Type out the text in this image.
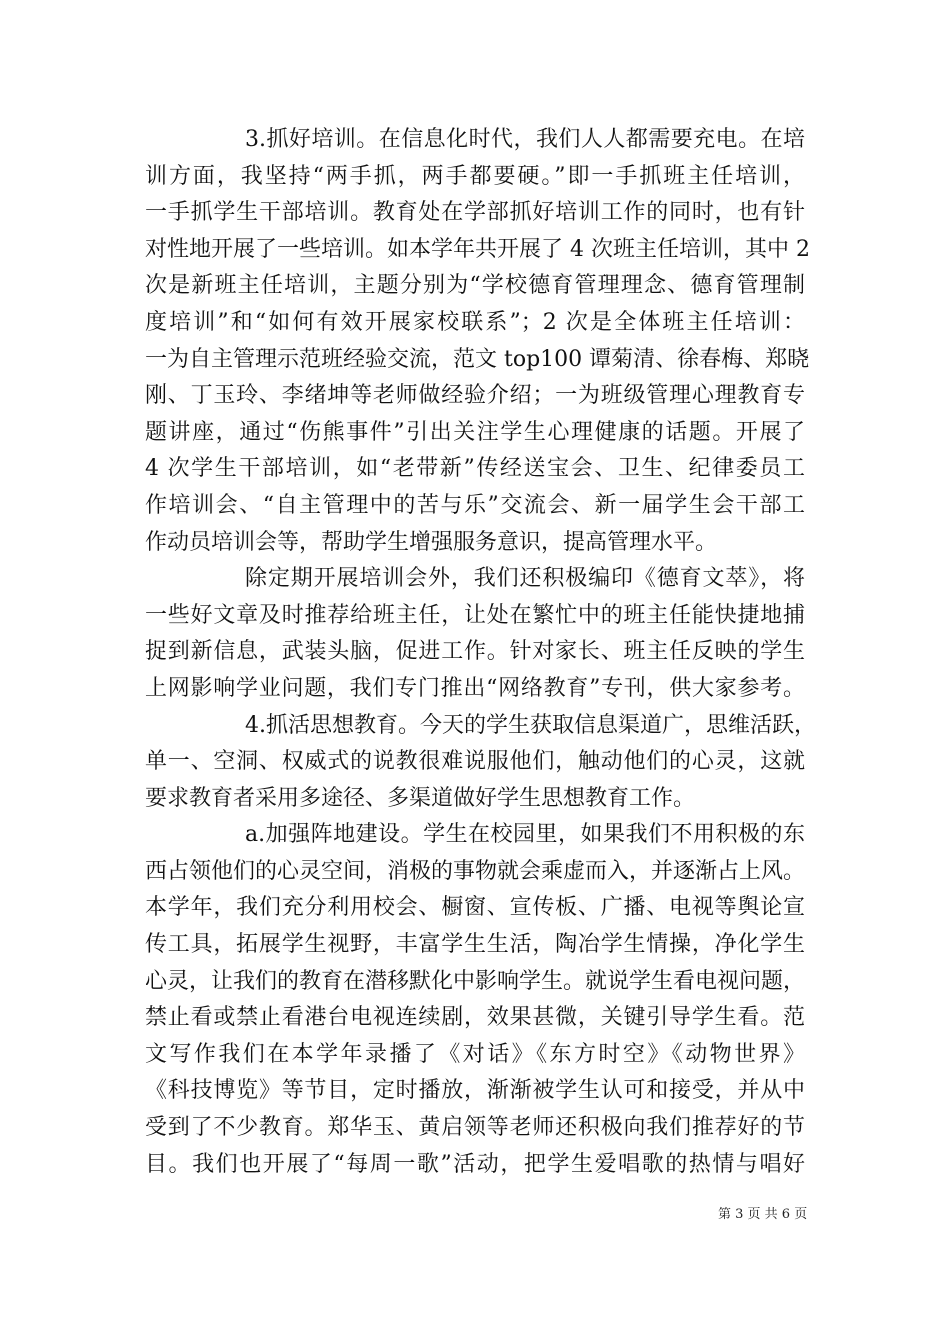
3.抓好培训。在信息化时代，我们人人都需要充电。在培
训方面，我坚持“两手抓，两手都要硬。”即一手抓班主任培训，
一手抓学生干部培训。教育处在学部抓好培训工作的同时，也有针
对性地开展了一些培训。如本学年共开展了 4 次班主任培训，其中 2
次是新班主任培训，主题分别为“学校德育管理理念、德育管理制
度培训”和“如何有效开展家校联系”；2 次是全体班主任培训：
一为自主管理示范班经验交流，范文 top100 谭菊清、徐春梅、郑晓
刚、丁玉玲、李绪坤等老师做经验介绍；一为班级管理心理教育专
题讲座，通过“伤熊事件”引出关注学生心理健康的话题。开展了
4 次学生干部培训，如“老带新”传经送宝会、卫生、纪律委员工
作培训会、“自主管理中的苦与乐”交流会、新一届学生会干部工
作动员培训会等，帮助学生增强服务意识，提高管理水平。
除定期开展培训会外，我们还积极编印《德育文萃》，将
一些好文章及时推荐给班主任，让处在繁忙中的班主任能快捷地捕
捉到新信息，武装头脑，促进工作。针对家长、班主任反映的学生
上网影响学业问题，我们专门推出“网络教育”专刊，供大家参考。
4.抓活思想教育。今天的学生获取信息渠道广，思维活跃，
单一、空洞、权威式的说教很难说服他们，触动他们的心灵，这就
要求教育者采用多途径、多渠道做好学生思想教育工作。
a.加强阵地建设。学生在校园里，如果我们不用积极的东
西占领他们的心灵空间，消极的事物就会乘虚而入，并逐渐占上风。
本学年，我们充分利用校会、橱窗、宣传板、广播、电视等舆论宣
传工具，拓展学生视野，丰富学生生活，陶冶学生情操，净化学生
心灵，让我们的教育在潜移默化中影响学生。就说学生看电视问题，
禁止看或禁止看港台电视连续剧，效果甚微，关键引导学生看。范
文写作我们在本学年录播了《对话》《东方时空》《动物世界》
《科技博览》等节目，定时播放，渐渐被学生认可和接受，并从中
受到了不少教育。郑华玉、黄启领等老师还积极向我们推荐好的节
目。我们也开展了“每周一歌”活动，把学生爱唱歌的热情与唱好
第 3 页 共 6 页
